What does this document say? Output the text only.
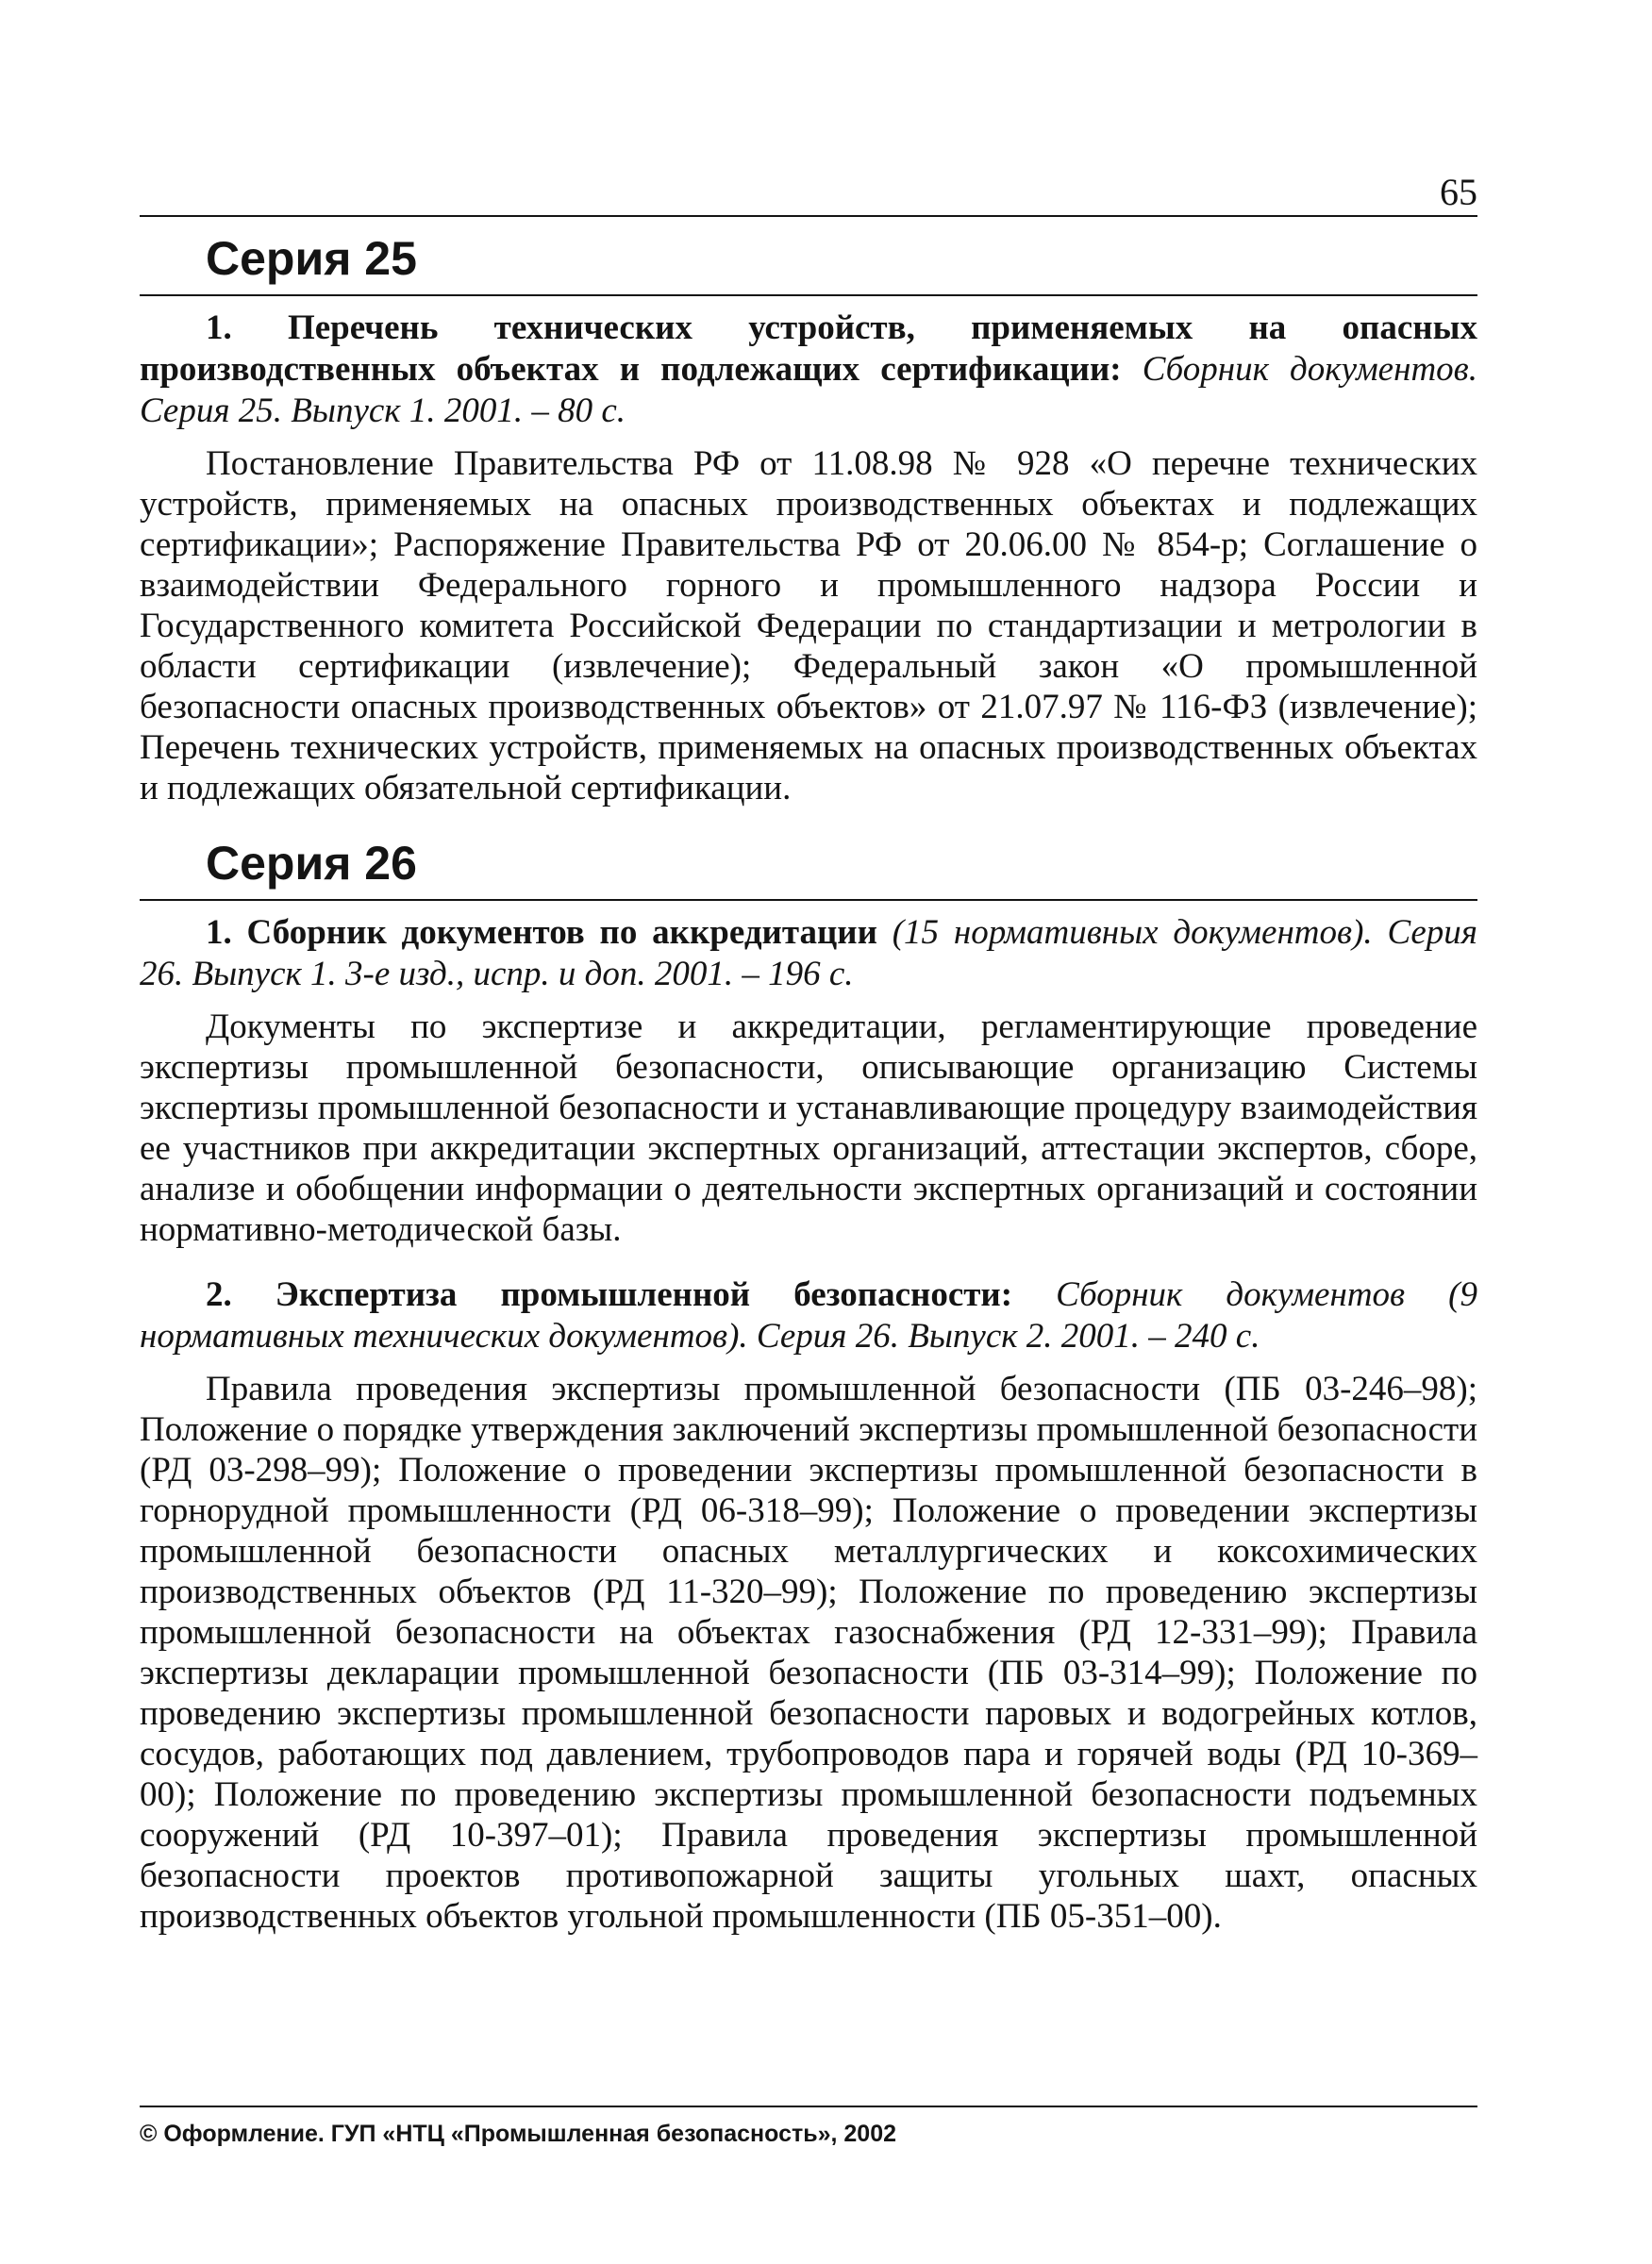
65
Серия 25

1. Перечень технических устройств, применяемых на опасных производственных объектах и подлежащих сертификации: Сборник документов. Серия 25. Выпуск 1. 2001. – 80 с.

Постановление Правительства РФ от 11.08.98 № 928 «О перечне технических устройств, применяемых на опасных производственных объектах и подлежащих сертификации»; Распоряжение Правительства РФ от 20.06.00 № 854-р; Соглашение о взаимодействии Федерального горного и промышленного надзора России и Государственного комитета Российской Федерации по стандартизации и метрологии в области сертификации (извлечение); Федеральный закон «О промышленной безопасности опасных производственных объектов» от 21.07.97 № 116-ФЗ (извлечение); Перечень технических устройств, применяемых на опасных производственных объектах и подлежащих обязательной сертификации.

Серия 26

1. Сборник документов по аккредитации (15 нормативных документов). Серия 26. Выпуск 1. 3-е изд., испр. и доп. 2001. – 196 с.

Документы по экспертизе и аккредитации, регламентирующие проведение экспертизы промышленной безопасности, описывающие организацию Системы экспертизы промышленной безопасности и устанавливающие процедуру взаимодействия ее участников при аккредитации экспертных организаций, аттестации экспертов, сборе, анализе и обобщении информации о деятельности экспертных организаций и состоянии нормативно-методической базы.

2. Экспертиза промышленной безопасности: Сборник документов (9 нормативных технических документов). Серия 26. Выпуск 2. 2001. – 240 с.

Правила проведения экспертизы промышленной безопасности (ПБ 03-246–98); Положение о порядке утверждения заключений экспертизы промышленной безопасности (РД 03-298–99); Положение о проведении экспертизы промышленной безопасности в горнорудной промышленности (РД 06-318–99); Положение о проведении экспертизы промышленной безопасности опасных металлургических и коксохимических производственных объектов (РД 11-320–99); Положение по проведению экспертизы промышленной безопасности на объектах газоснабжения (РД 12-331–99); Правила экспертизы декларации промышленной безопасности (ПБ 03-314–99); Положение по проведению экспертизы промышленной безопасности паровых и водогрейных котлов, сосудов, работающих под давлением, трубопроводов пара и горячей воды (РД 10-369–00); Положение по проведению экспертизы промышленной безопасности подъемных сооружений (РД 10-397–01); Правила проведения экспертизы промышленной безопасности проектов противопожарной защиты угольных шахт, опасных производственных объектов угольной промышленности (ПБ 05-351–00).

© Оформление. ГУП «НТЦ «Промышленная безопасность», 2002
